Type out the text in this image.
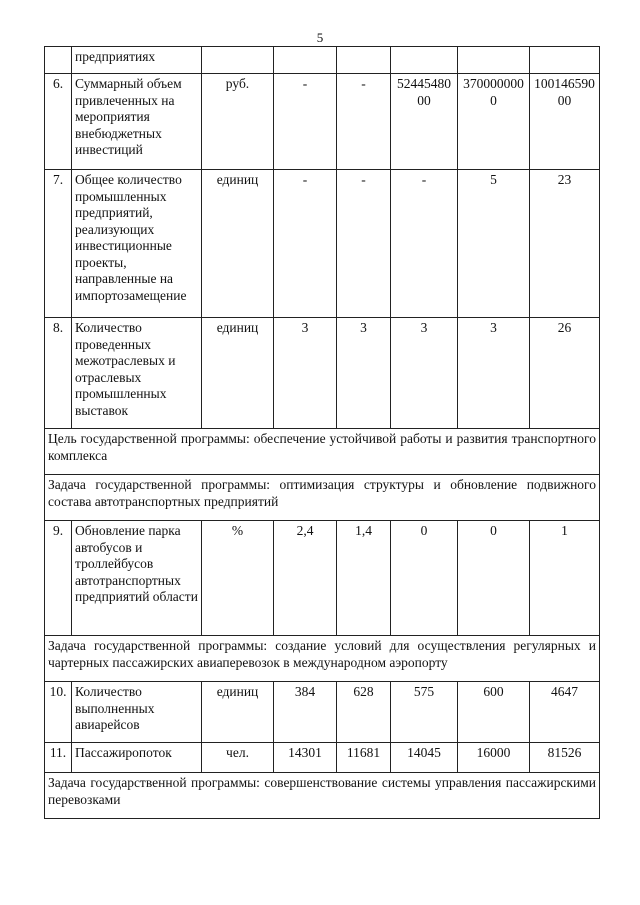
5
	предприятиях						
6.	Суммарный объем привлеченных на мероприятия внебюджетных инвестиций	руб.	-	-	5244548000	3700000000	10014659000
7.	Общее количество промышленных предприятий, реализующих инвестиционные проекты, направленные на импортозамещение	единиц	-	-	-	5	23
8.	Количество проведенных межотраслевых и отраслевых промышленных выставок	единиц	3	3	3	3	26
Цель государственной программы: обеспечение устойчивой работы и развития транспортного комплекса							
Задача государственной программы: оптимизация структуры и обновление подвижного состава автотранспортных предприятий							
9.	Обновление парка автобусов и троллейбусов автотранспортных предприятий области	%	2,4	1,4	0	0	1
Задача государственной программы: создание условий для осуществления регулярных и чартерных пассажирских авиаперевозок в международном аэропорту							
10.	Количество выполненных авиарейсов	единиц	384	628	575	600	4647
11.	Пассажиропоток	чел.	14301	11681	14045	16000	81526
Задача государственной программы: совершенствование системы управления пассажирскими перевозками							
